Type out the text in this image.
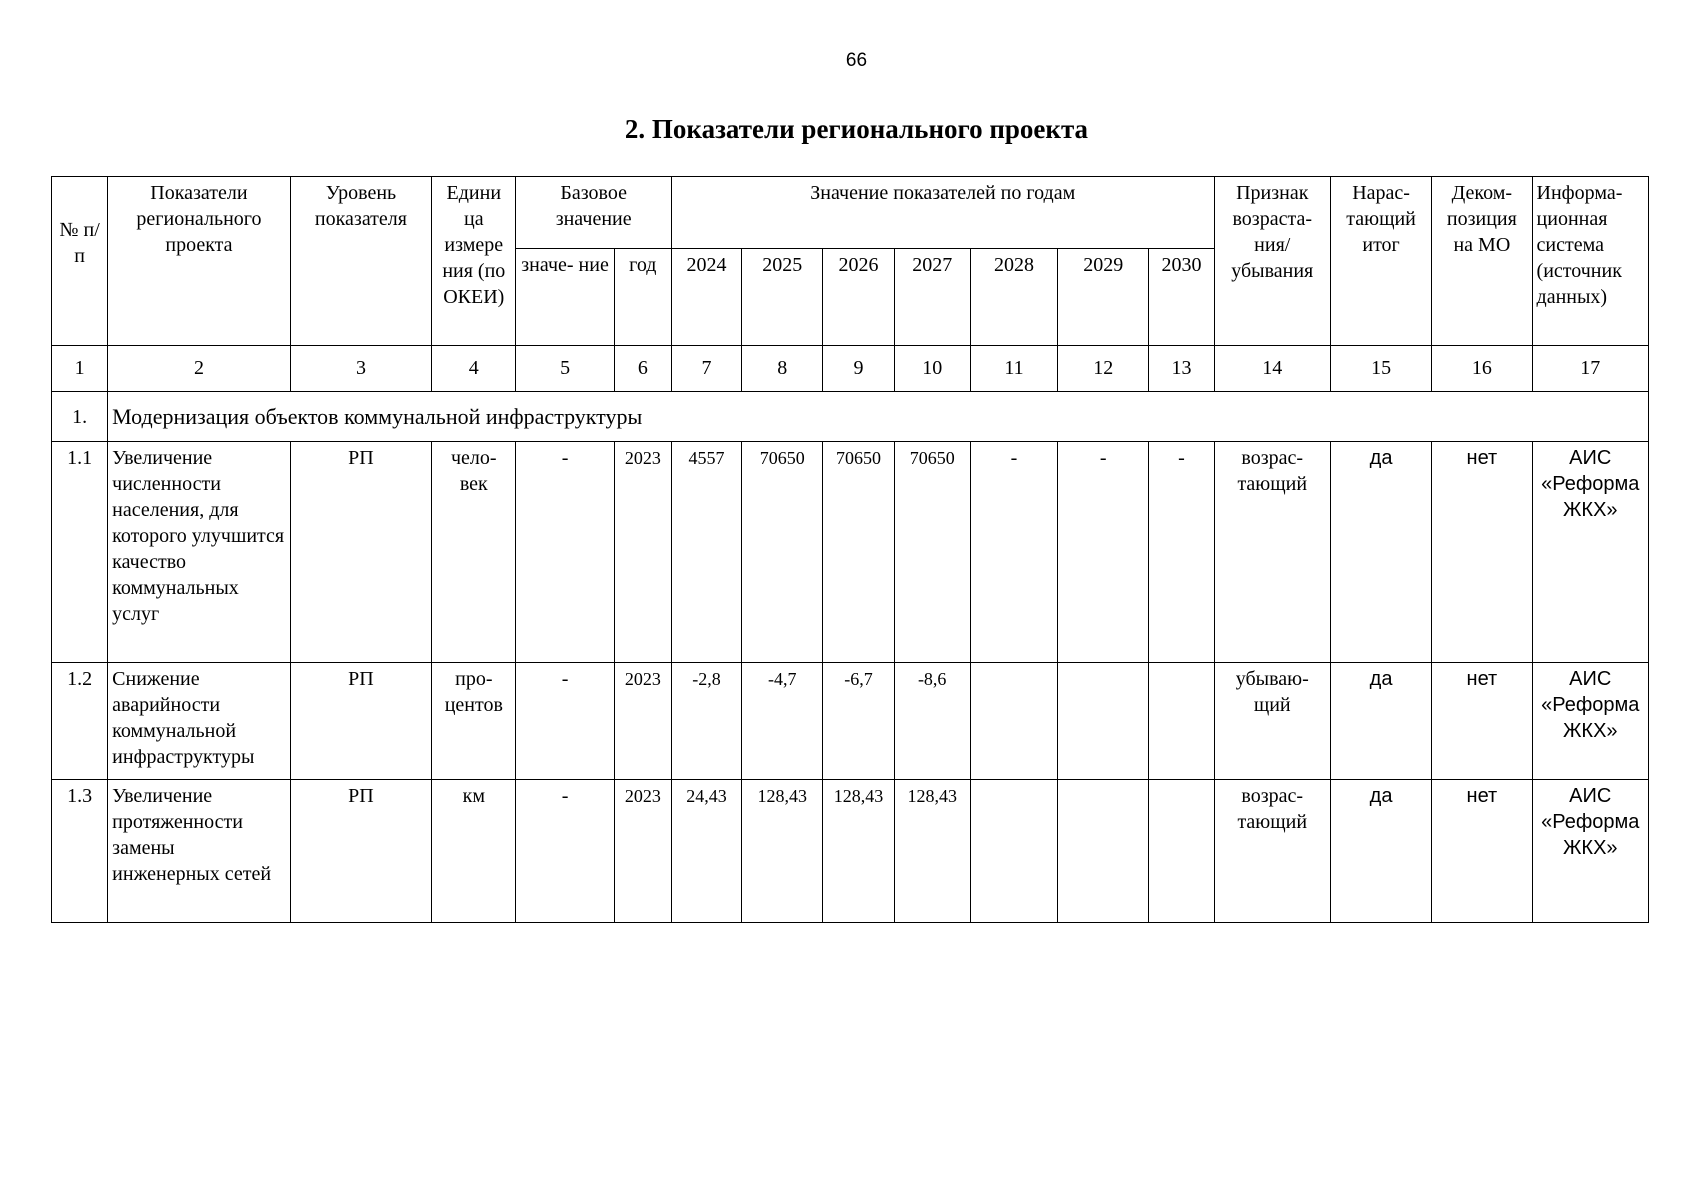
66
2. Показатели регионального проекта
№ п/п	Показатели регионального проекта	Уровень показателя	Едини ца измере ния (по ОКЕИ)	Базовое значение		Значение показателей по годам							Признак возраста- ния/ убывания	Нарас- тающий итог	Деком- позиция на МО	Информа- ционная система (источник данных)
				значе- ние	год	2024	2025	2026	2027	2028	2029	2030				
1	2	3	4	5	6	7	8	9	10	11	12	13	14	15	16	17
1.	Модернизация объектов коммунальной инфраструктуры															
1.1	Увеличение численности населения, для которого улучшится качество коммунальных услуг	РП	чело- век	-	2023	4557	70650	70650	70650	-	-	-	возрас- тающий	да	нет	АИС «Реформа ЖКХ»
1.2	Снижение аварийности коммунальной инфраструктуры	РП	про- центов	-	2023	-2,8	-4,7	-6,7	-8,6				убываю- щий	да	нет	АИС «Реформа ЖКХ»
1.3	Увеличение протяженности замены инженерных сетей	РП	км	-	2023	24,43	128,43	128,43	128,43				возрас- тающий	да	нет	АИС «Реформа ЖКХ»
